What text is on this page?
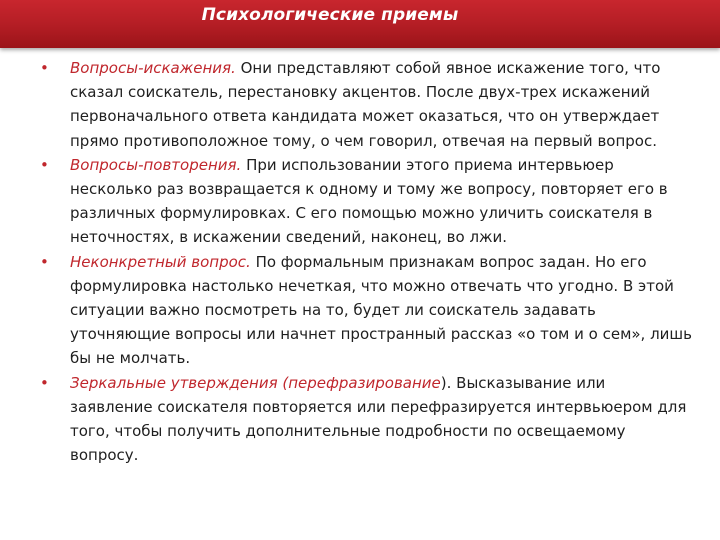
Психологические приемы
• Вопросы-искажения. Они представляют собой явное искажение того, что сказал соискатель, перестановку акцентов. После двух-трех искажений первоначального ответа кандидата может оказаться, что он утверждает прямо противоположное тому, о чем говорил, отвечая на первый вопрос.
• Вопросы-повторения. При использовании этого приема интервьюер несколько раз возвращается к одному и тому же вопросу, повторяет его в различных формулировках. С его помощью можно уличить соискателя в неточностях, в искажении сведений, наконец, во лжи.
• Неконкретный вопрос. По формальным признакам вопрос задан. Но его формулировка настолько нечеткая, что можно отвечать что угодно. В этой ситуации важно посмотреть на то, будет ли соискатель задавать уточняющие вопросы или начнет пространный рассказ «о том и о сем», лишь бы не молчать.
• Зеркальные утверждения (перефразирование). Высказывание или заявление соискателя повторяется или перефразируется интервьюером для того, чтобы получить дополнительные подробности по освещаемому вопросу.
